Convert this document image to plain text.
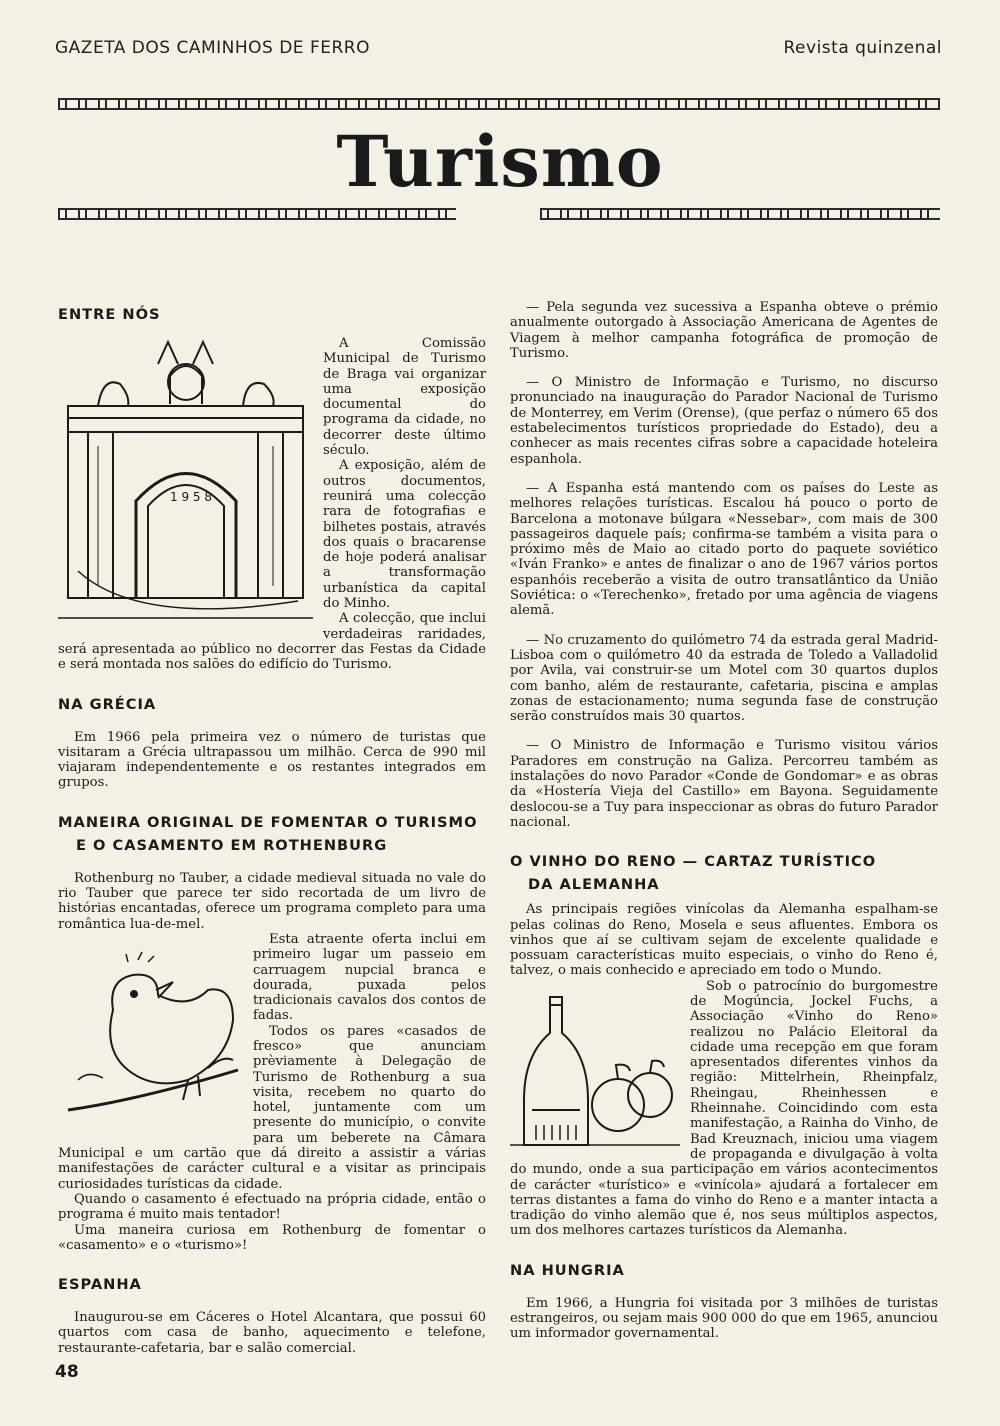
GAZETA DOS CAMINHOS DE FERRO	Revista quinzenal
Turismo
ENTRE NÓS
1 9 5 8

A Comissão Municipal de Turismo de Braga vai organizar uma exposição documental do programa da cidade, no decorrer deste último século.

A exposição, além de outros documentos, reunirá uma colecção rara de fotografias e bilhetes postais, através dos quais o bracarense de hoje poderá analisar a transformação urbanística da capital do Minho.

A colecção, que inclui verdadeiras raridades, será apresentada ao público no decorrer das Festas da Cidade e será montada nos salões do edifício do Turismo.

NA GRÉCIA

Em 1966 pela primeira vez o número de turistas que visitaram a Grécia ultrapassou um milhão. Cerca de 990 mil viajaram independentemente e os restantes integrados em grupos.

MANEIRA ORIGINAL DE FOMENTAR O TURISMO
E O CASAMENTO EM ROTHENBURG

Rothenburg no Tauber, a cidade medieval situada no vale do rio Tauber que parece ter sido recortada de um livro de histórias encantadas, oferece um programa completo para uma romântica lua-de-mel.

Esta atraente oferta inclui em primeiro lugar um passeio em carruagem nupcial branca e dourada, puxada pelos tradicionais cavalos dos contos de fadas.

Todos os pares «casados de fresco» que anunciam prèviamente à Delegação de Turismo de Rothenburg a sua visita, recebem no quarto do hotel, juntamente com um presente do município, o convite para um beberete na Câmara Municipal e um cartão que dá direito a assistir a várias manifestações de carácter cultural e a visitar as principais curiosidades turísticas da cidade.

Quando o casamento é efectuado na própria cidade, então o programa é muito mais tentador!

Uma maneira curiosa em Rothenburg de fomentar o «casamento» e o «turismo»!

ESPANHA

Inaugurou-se em Cáceres o Hotel Alcantara, que possui 60 quartos com casa de banho, aquecimento e telefone, restaurante-cafetaria, bar e salão comercial.

— Pela segunda vez sucessiva a Espanha obteve o prémio anualmente outorgado à Associação Americana de Agentes de Viagem à melhor campanha fotográfica de promoção de Turismo.

— O Ministro de Informação e Turismo, no discurso pronunciado na inauguração do Parador Nacional de Turismo de Monterrey, em Verim (Orense), (que perfaz o número 65 dos estabelecimentos turísticos propriedade do Estado), deu a conhecer as mais recentes cifras sobre a capacidade hoteleira espanhola.

— A Espanha está mantendo com os países do Leste as melhores relações turísticas. Escalou há pouco o porto de Barcelona a motonave búlgara «Nessebar», com mais de 300 passageiros daquele país; confirma-se também a visita para o próximo mês de Maio ao citado porto do paquete soviético «Iván Franko» e antes de finalizar o ano de 1967 vários portos espanhóis receberão a visita de outro transatlântico da União Soviética: o «Terechenko», fretado por uma agência de viagens alemã.

— No cruzamento do quilómetro 74 da estrada geral Madrid-Lisboa com o quilómetro 40 da estrada de Toledo a Valladolid por Avila, vai construir-se um Motel com 30 quartos duplos com banho, além de restaurante, cafetaria, piscina e amplas zonas de estacionamento; numa segunda fase de construção serão construídos mais 30 quartos.

— O Ministro de Informação e Turismo visitou vários Paradores em construção na Galiza. Percorreu também as instalações do novo Parador «Conde de Gondomar» e as obras da «Hostería Vieja del Castillo» em Bayona. Seguidamente deslocou-se a Tuy para inspeccionar as obras do futuro Parador nacional.

O VINHO DO RENO — CARTAZ TURÍSTICO
DA ALEMANHA

As principais regiões vinícolas da Alemanha espalham-se pelas colinas do Reno, Mosela e seus afluentes. Embora os vinhos que aí se cultivam sejam de excelente qualidade e possuam características muito especiais, o vinho do Reno é, talvez, o mais conhecido e apreciado em todo o Mundo.

Sob o patrocínio do burgomestre de Mogúncia, Jockel Fuchs, a Associação «Vinho do Reno» realizou no Palácio Eleitoral da cidade uma recepção em que foram apresentados diferentes vinhos da região: Mittelrhein, Rheinpfalz, Rheingau, Rheinhessen e Rheinnahe. Coincidindo com esta manifestação, a Rainha do Vinho, de Bad Kreuznach, iniciou uma viagem de propaganda e divulgação à volta do mundo, onde a sua participação em vários acontecimentos de carácter «turístico» e «vinícola» ajudará a fortalecer em terras distantes a fama do vinho do Reno e a manter intacta a tradição do vinho alemão que é, nos seus múltiplos aspectos, um dos melhores cartazes turísticos da Alemanha.

NA HUNGRIA

Em 1966, a Hungria foi visitada por 3 milhões de turistas estrangeiros, ou sejam mais 900 000 do que em 1965, anunciou um informador governamental.

48
